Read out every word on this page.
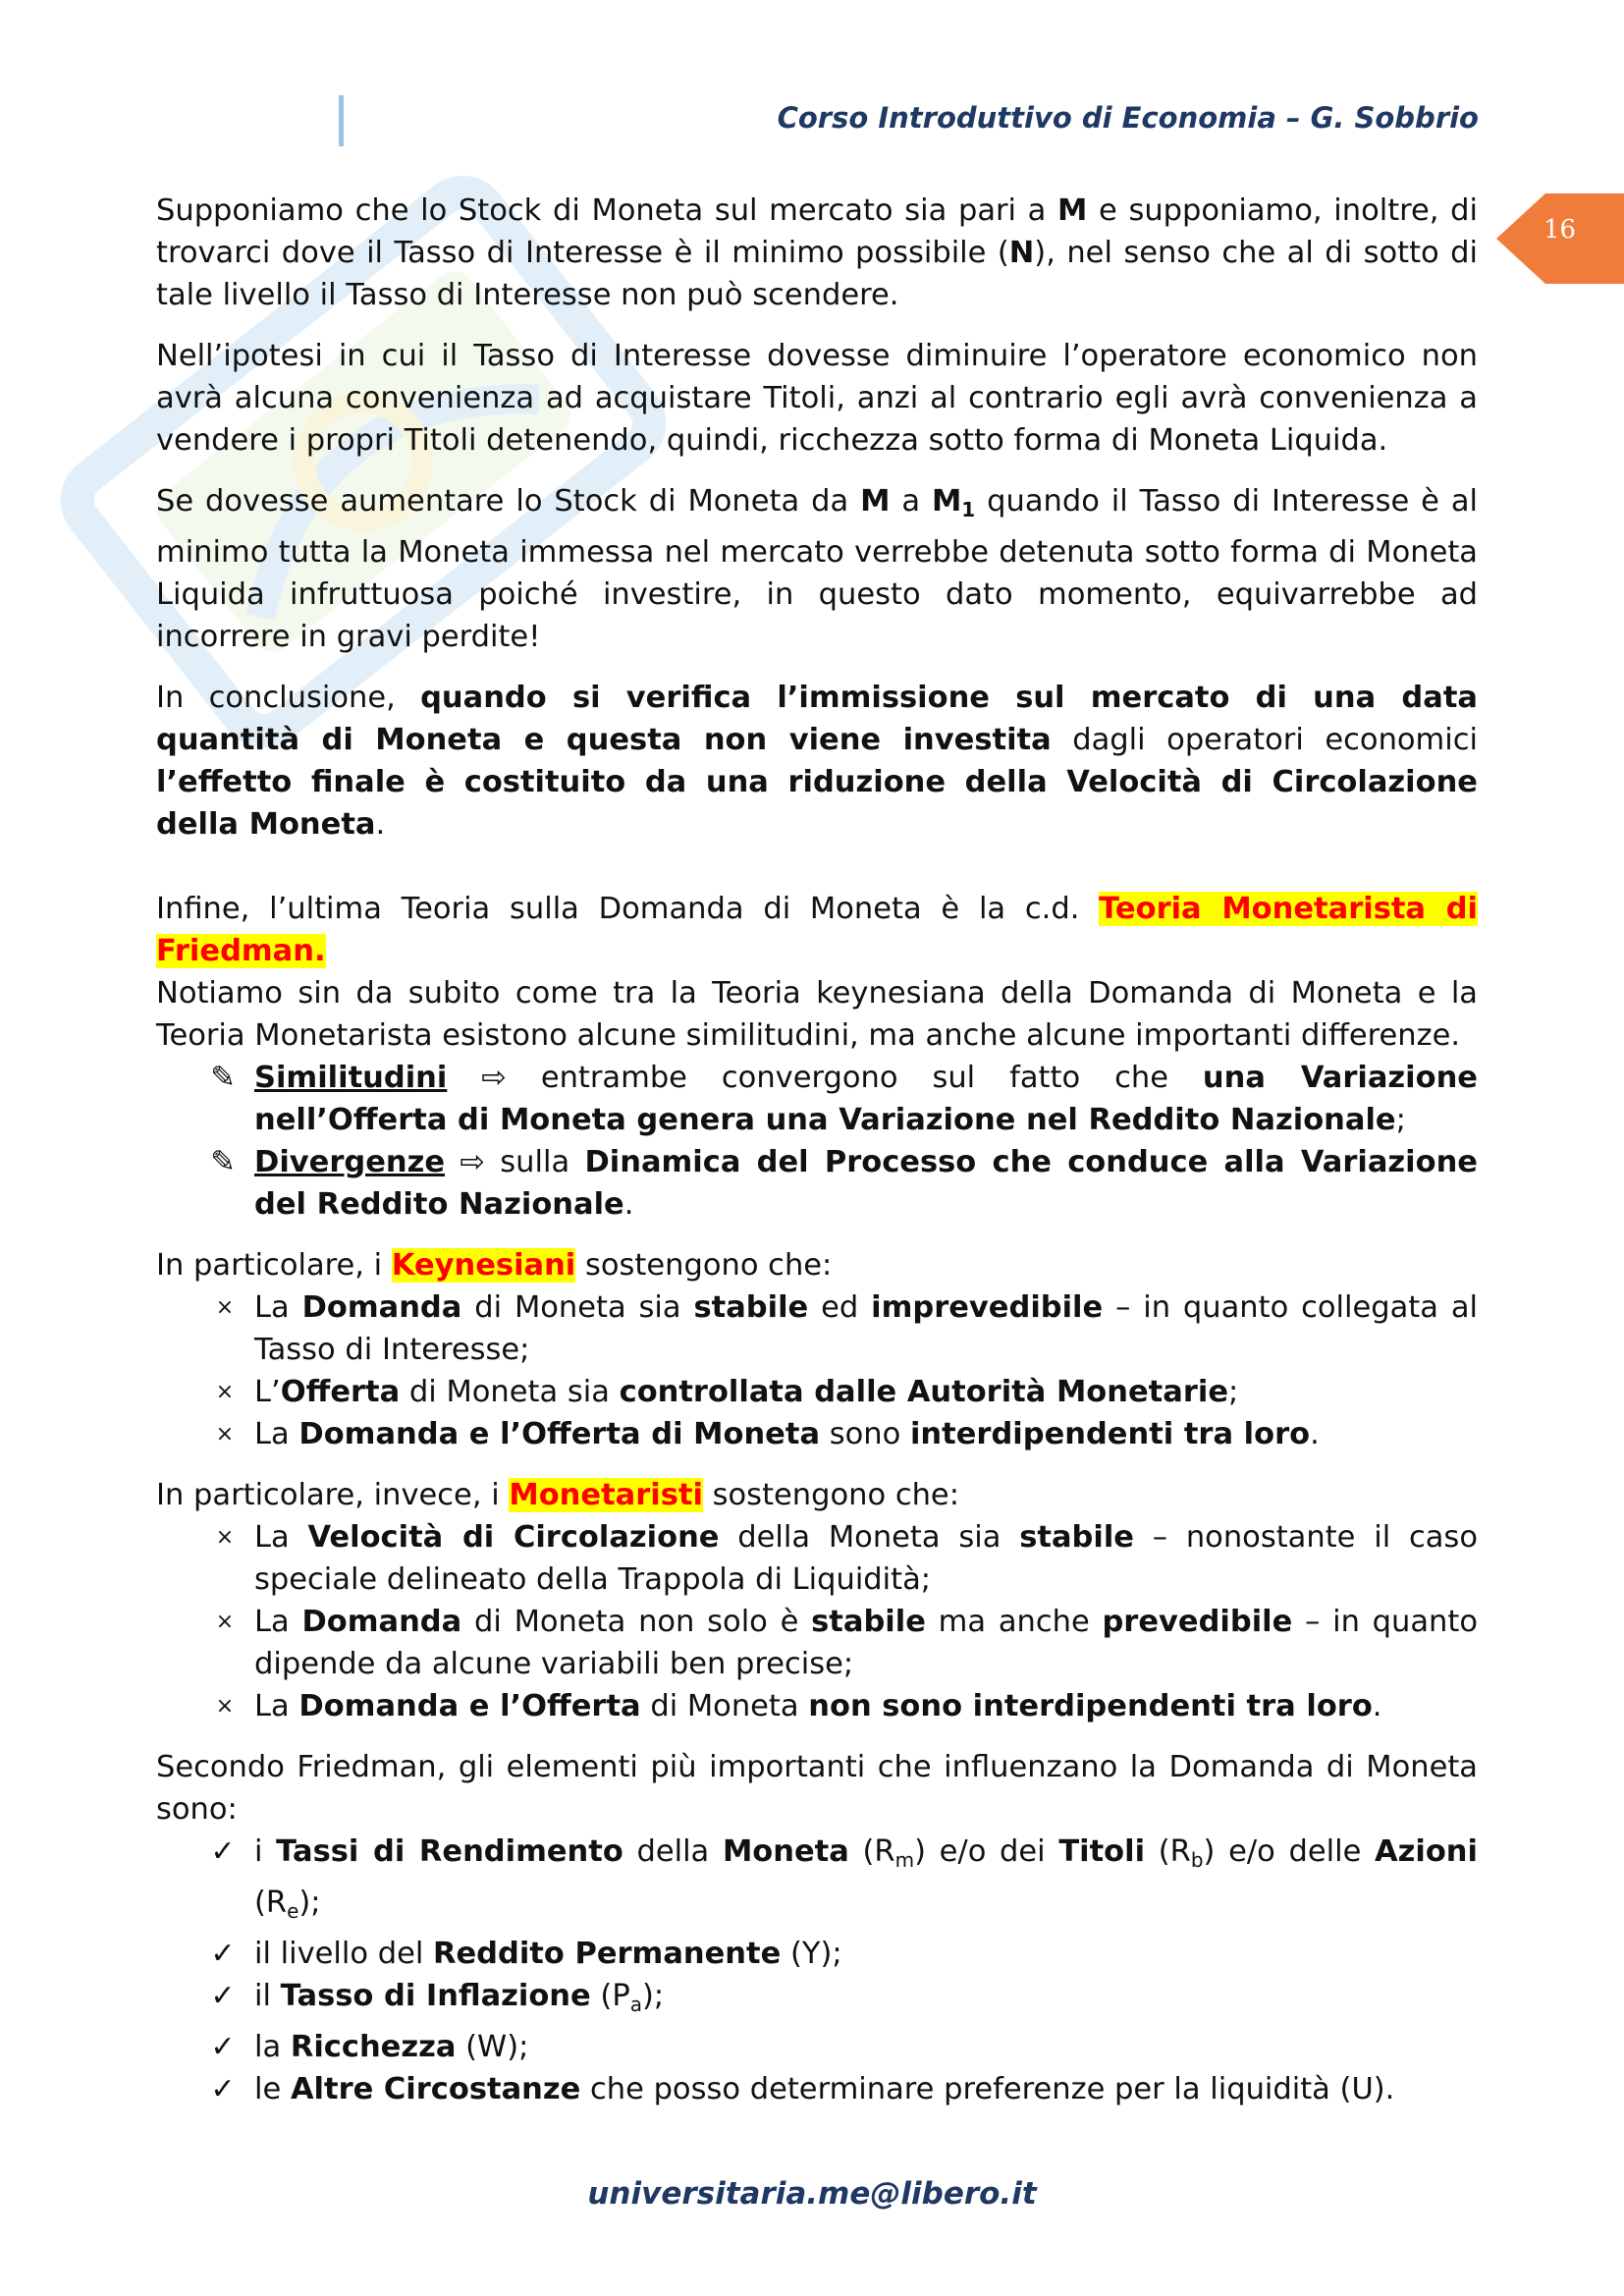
Corso Introduttivo di Economia – G. Sobbrio
16

Supponiamo che lo Stock di Moneta sul mercato sia pari a M e supponiamo, inoltre, di trovarci dove il Tasso di Interesse è il minimo possibile (N), nel senso che al di sotto di tale livello il Tasso di Interesse non può scendere.

Nell’ipotesi in cui il Tasso di Interesse dovesse diminuire l’operatore economico non avrà alcuna convenienza ad acquistare Titoli, anzi al contrario egli avrà convenienza a vendere i propri Titoli detenendo, quindi, ricchezza sotto forma di Moneta Liquida.

Se dovesse aumentare lo Stock di Moneta da M a $M_1$ quando il Tasso di Interesse è al minimo tutta la Moneta immessa nel mercato verrebbe detenuta sotto forma di Moneta Liquida infruttuosa poiché investire, in questo dato momento, equivarrebbe ad incorrere in gravi perdite!

In conclusione, quando si verifica l’immissione sul mercato di una data quantità di Moneta e questa non viene investita dagli operatori economici l’effetto finale è costituito da una riduzione della Velocità di Circolazione della Moneta.

Infine, l’ultima Teoria sulla Domanda di Moneta è la c.d. Teoria Monetarista di Friedman.

Notiamo sin da subito come tra la Teoria keynesiana della Domanda di Moneta e la Teoria Monetarista esistono alcune similitudini, ma anche alcune importanti differenze.

✎ Similitudini ⇨ entrambe convergono sul fatto che una Variazione nell’Offerta di Moneta genera una Variazione nel Reddito Nazionale;
✎ Divergenze ⇨ sulla Dinamica del Processo che conduce alla Variazione del Reddito Nazionale.

In particolare, i Keynesiani sostengono che:

× La Domanda di Moneta sia stabile ed imprevedibile – in quanto collegata al Tasso di Interesse;
× L’Offerta di Moneta sia controllata dalle Autorità Monetarie;
× La Domanda e l’Offerta di Moneta sono interdipendenti tra loro.

In particolare, invece, i Monetaristi sostengono che:

× La Velocità di Circolazione della Moneta sia stabile – nonostante il caso speciale delineato della Trappola di Liquidità;
× La Domanda di Moneta non solo è stabile ma anche prevedibile – in quanto dipende da alcune variabili ben precise;
× La Domanda e l’Offerta di Moneta non sono interdipendenti tra loro.

Secondo Friedman, gli elementi più importanti che influenzano la Domanda di Moneta sono:

✓ i Tassi di Rendimento della Moneta $(R_m)$ e/o dei Titoli $(R_b)$ e/o delle Azioni $(R_e)$;
✓ il livello del Reddito Permanente (Y);
✓ il Tasso di Inflazione $(P_a)$;
✓ la Ricchezza (W);
✓ le Altre Circostanze che posso determinare preferenze per la liquidità (U).
universitaria.me@libero.it
